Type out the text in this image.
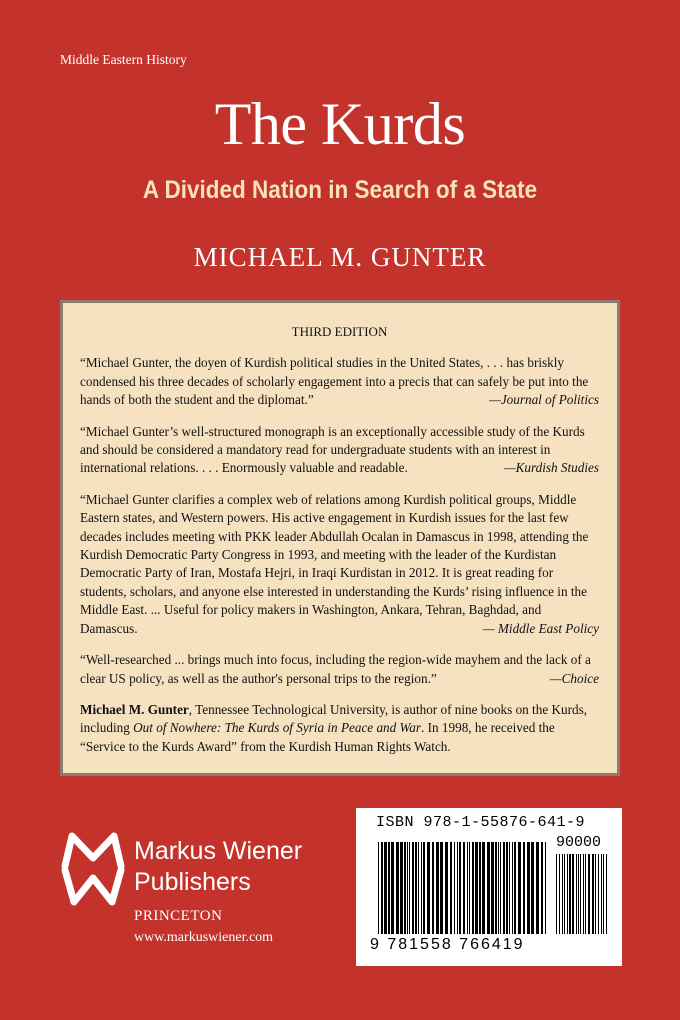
Middle Eastern History
The Kurds
A Divided Nation in Search of a State
MICHAEL M. GUNTER
THIRD EDITION
“Michael Gunter, the doyen of Kurdish political studies in the United States, . . . has briskly condensed his three decades of scholarly engagement into a precis that can safely be put into the hands of both the student and the diplomat.”	—Journal of Politics
“Michael Gunter’s well-structured monograph is an exceptionally accessible study of the Kurds and should be considered a mandatory read for undergraduate students with an interest in international relations. . . . Enormously valuable and readable.	—Kurdish Studies
“Michael Gunter clarifies a complex web of relations among Kurdish political groups, Middle Eastern states, and Western powers. His active engagement in Kurdish issues for the last few decades includes meeting with PKK leader Abdullah Ocalan in Damascus in 1998, attending the Kurdish Democratic Party Congress in 1993, and meeting with the leader of the Kurdistan Democratic Party of Iran, Mostafa Hejri, in Iraqi Kurdistan in 2012. It is great reading for students, scholars, and anyone else interested in understanding the Kurds’ rising influence in the Middle East. ... Useful for policy makers in Washington, Ankara, Tehran, Baghdad, and Damascus.	— Middle East Policy
“Well-researched ... brings much into focus, including the region-wide mayhem and the lack of a clear US policy, as well as the author's personal trips to the region.”	—Choice
Michael M. Gunter, Tennessee Technological University, is author of nine books on the Kurds, including Out of Nowhere: The Kurds of Syria in Peace and War. In 1998, he received the “Service to the Kurds Award” from the Kurdish Human Rights Watch.
Markus Wiener
Publishers
PRINCETON
www.markuswiener.com
ISBN 978-1-55876-641-9
90000
9 781558 766419
